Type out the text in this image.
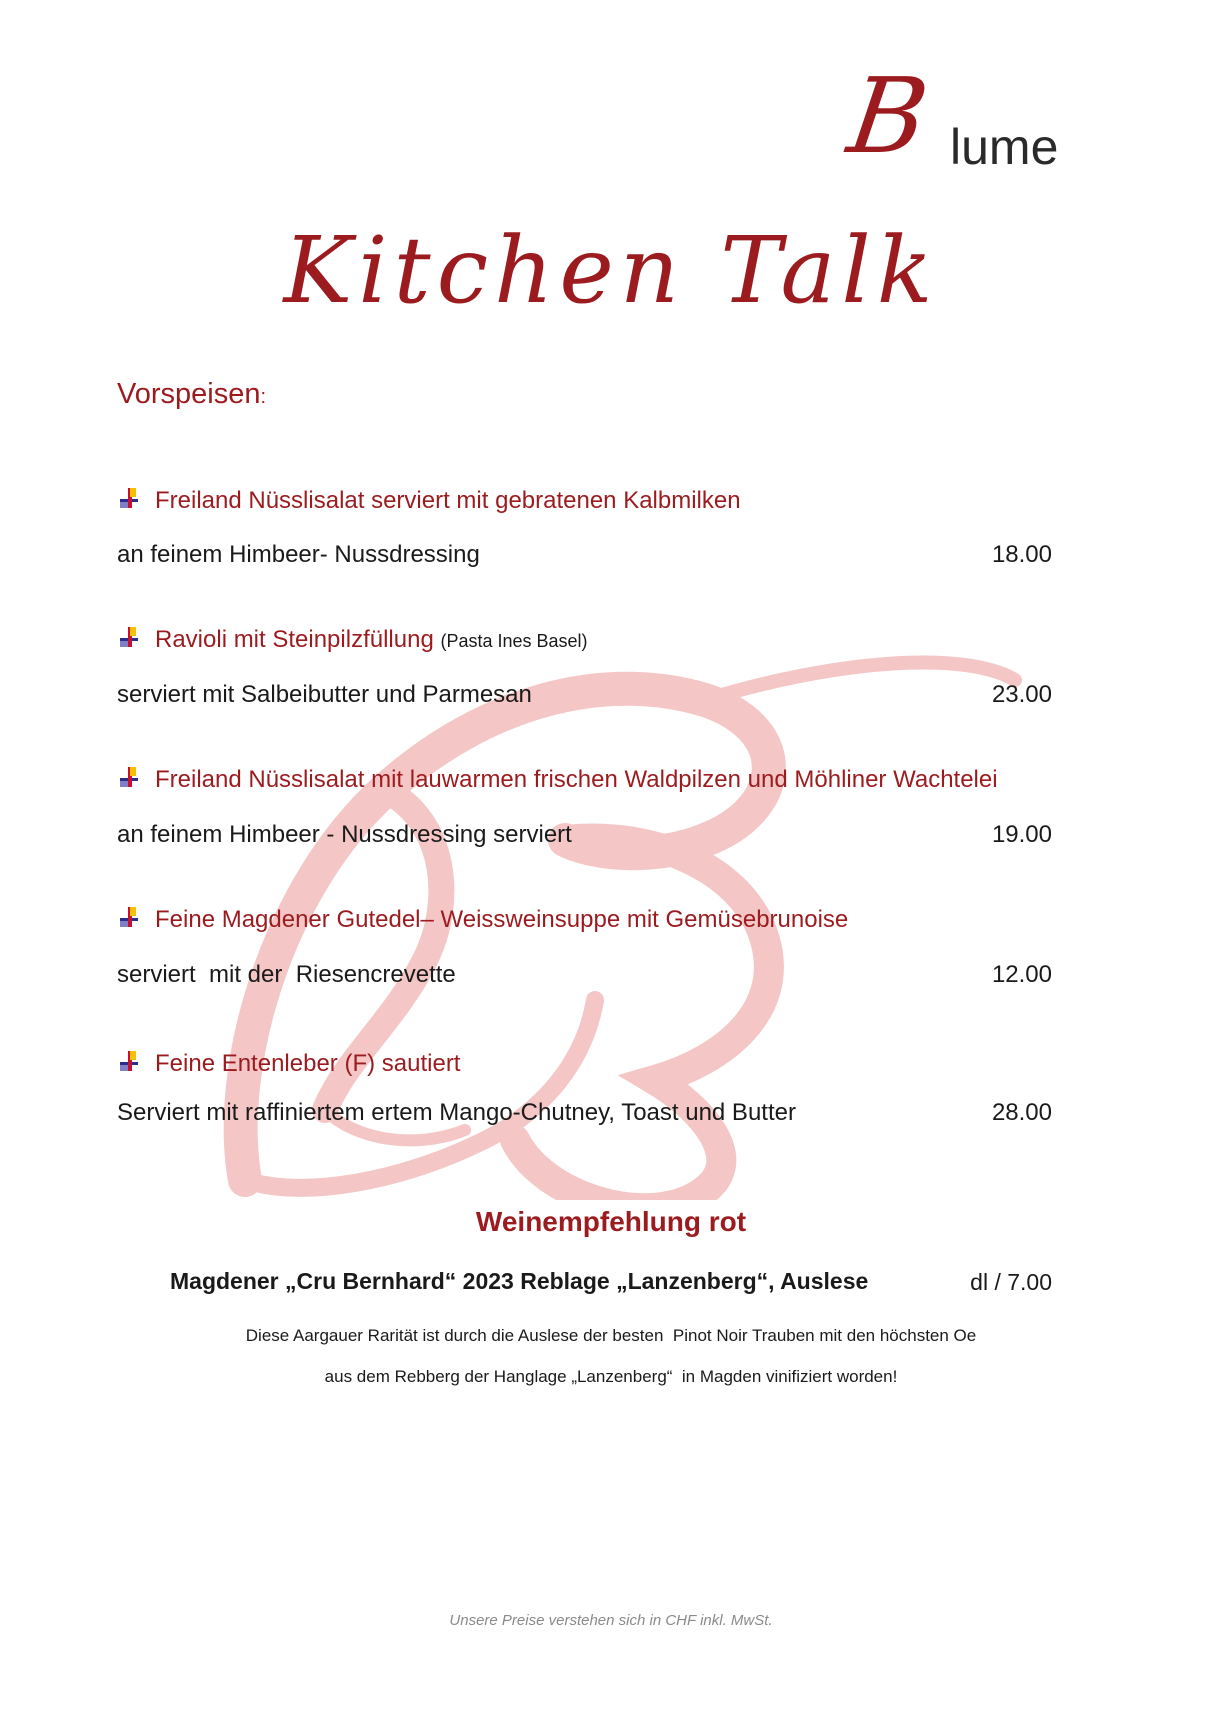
B lume
Kitchen Talk
Vorspeisen:
Freiland Nüsslisalat serviert mit gebratenen Kalbmilken
an feinem Himbeer- Nussdressing	18.00
Ravioli mit Steinpilzfüllung (Pasta Ines Basel)
serviert mit Salbeibutter und Parmesan	23.00
Freiland Nüsslisalat mit lauwarmen frischen Waldpilzen und Möhliner Wachtelei
an feinem Himbeer - Nussdressing serviert	19.00
Feine Magdener Gutedel– Weissweinsuppe mit Gemüsebrunoise
serviert  mit der  Riesencrevette	12.00
Feine Entenleber (F) sautiert
Serviert mit raffiniertem ertem Mango-Chutney, Toast und Butter	28.00
Weinempfehlung rot
Magdener „Cru Bernhard“ 2023 Reblage „Lanzenberg“, Auslese	dl / 7.00
Diese Aargauer Rarität ist durch die Auslese der besten  Pinot Noir Trauben mit den höchsten Oe
aus dem Rebberg der Hanglage „Lanzenberg“  in Magden vinifiziert worden!
Unsere Preise verstehen sich in CHF inkl. MwSt.
